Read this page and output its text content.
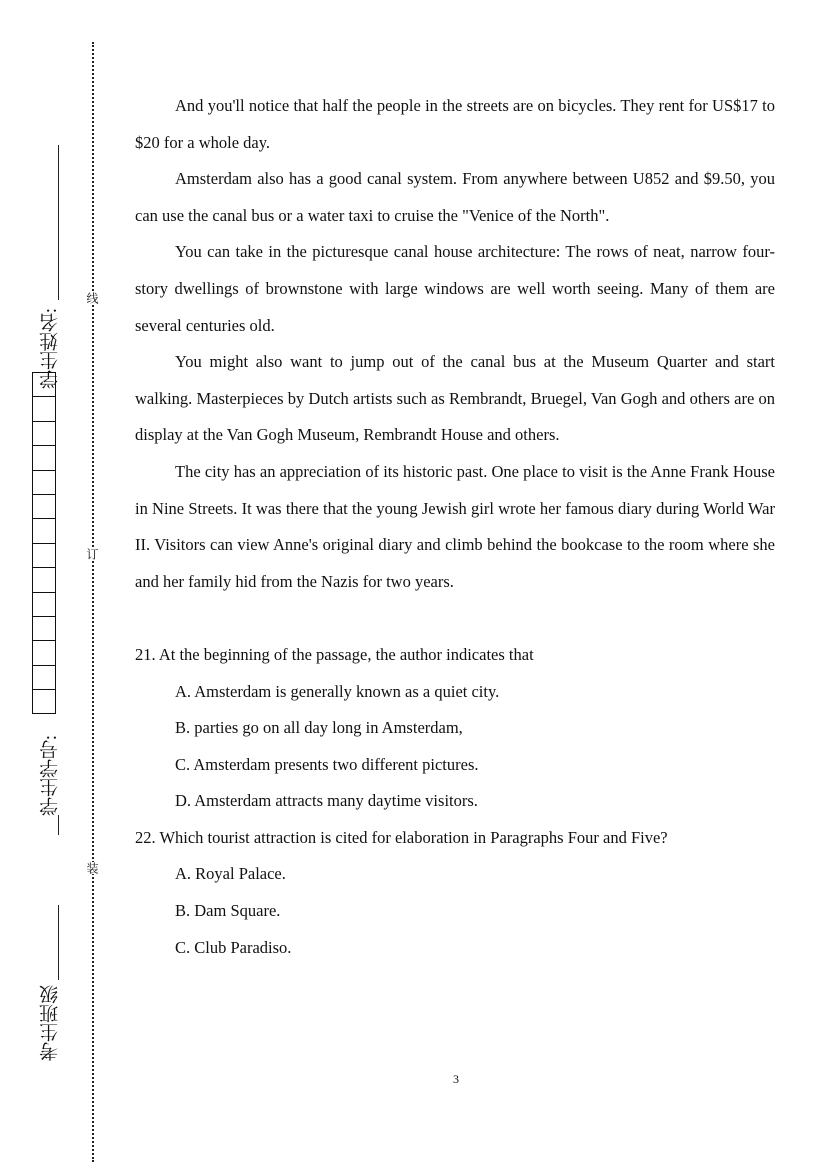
线
订
装
学生姓名:
学生学号:
考生班级

And you'll notice that half the people in the streets are on bicycles. They rent for US$17 to $20 for a whole day.

Amsterdam also has a good canal system. From anywhere between U852 and $9.50, you can use the canal bus or a water taxi to cruise the "Venice of the North".

You can take in the picturesque canal house architecture: The rows of neat, narrow four-story dwellings of brownstone with large windows are well worth seeing. Many of them are several centuries old.

You might also want to jump out of the canal bus at the Museum Quarter and start walking. Masterpieces by Dutch artists such as Rembrandt, Bruegel, Van Gogh and others are on display at the Van Gogh Museum, Rembrandt House and others.

The city has an appreciation of its historic past. One place to visit is the Anne Frank House in Nine Streets. It was there that the young Jewish girl wrote her famous diary during World War II. Visitors can view Anne's original diary and climb behind the bookcase to the room where she and her family hid from the Nazis for two years.

21. At the beginning of the passage, the author indicates that

A. Amsterdam is generally known as a quiet city.

B. parties go on all day long in Amsterdam,

C. Amsterdam presents two different pictures.

D. Amsterdam attracts many daytime visitors.

22. Which tourist attraction is cited for elaboration in Paragraphs Four and Five?

A. Royal Palace.

B. Dam Square.

C. Club Paradiso.

3
